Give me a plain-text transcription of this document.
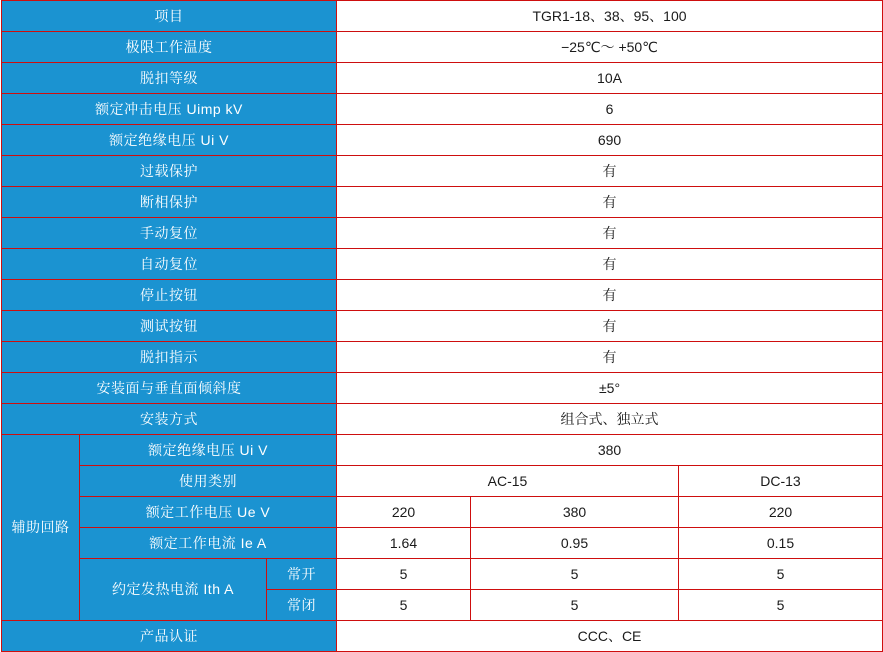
项目			TGR1-18、38、95、100		
极限工作温度			−25℃～ +50℃		
脱扣等级			10A		
额定冲击电压 Uimp kV			6		
额定绝缘电压 Ui V			690		
过载保护			有		
断相保护			有		
手动复位			有		
自动复位			有		
停止按钮			有		
测试按钮			有		
脱扣指示			有		
安装面与垂直面倾斜度			±5°		
安装方式			组合式、独立式		
辅助回路	额定绝缘电压 Ui V		380		
	使用类别		AC-15		DC-13
	额定工作电压 Ue V		220	380	220
	额定工作电流 Ie A		1.64	0.95	0.15
	约定发热电流 Ith A	常开	5	5	5
		常闭	5	5	5
产品认证			CCC、CE		
